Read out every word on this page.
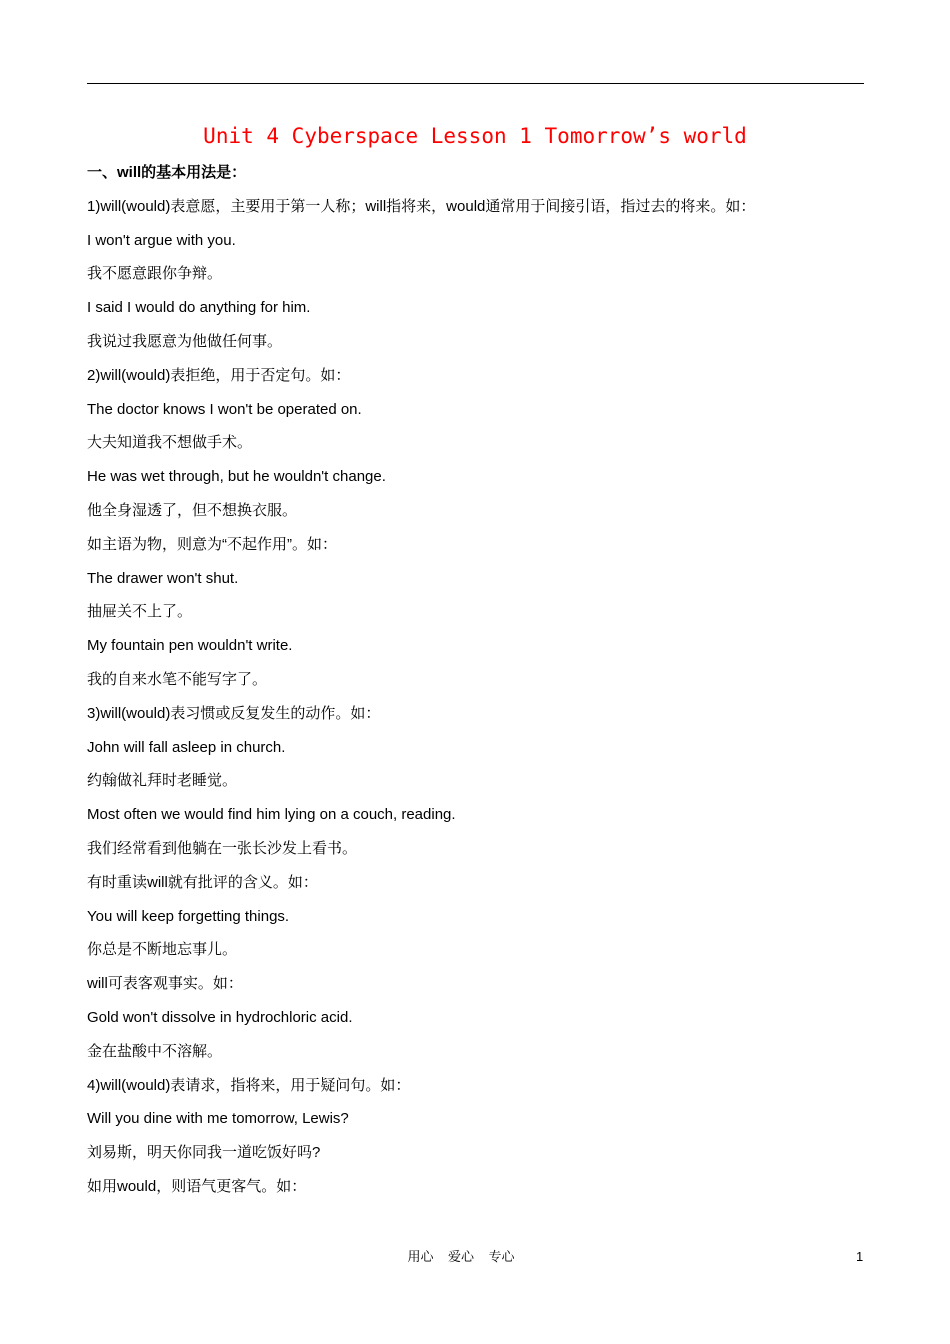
Unit 4 Cyberspace Lesson 1 Tomorrow’s world
一、will的基本用法是：
1)will(would)表意愿，主要用于第一人称；will指将来，would通常用于间接引语，指过去的将来。如：
I won't argue with you.
我不愿意跟你争辩。
I said I would do anything for him.
我说过我愿意为他做任何事。
2)will(would)表拒绝，用于否定句。如：
The doctor knows I won't be operated on.
大夫知道我不想做手术。
He was wet through, but he wouldn't change.
他全身湿透了，但不想换衣服。
如主语为物，则意为“不起作用”。如：
The drawer won't shut.
抽屉关不上了。
My fountain pen wouldn't write.
我的自来水笔不能写字了。
3)will(would)表习惯或反复发生的动作。如：
John will fall asleep in church.
约翰做礼拜时老睡觉。
Most often we would find him lying on a couch, reading.
我们经常看到他躺在一张长沙发上看书。
有时重读will就有批评的含义。如：
You will keep forgetting things.
你总是不断地忘事儿。
will可表客观事实。如：
Gold won't dissolve in hydrochloric acid.
金在盐酸中不溶解。
4)will(would)表请求，指将来，用于疑问句。如：
Will you dine with me tomorrow, Lewis?
刘易斯，明天你同我一道吃饭好吗?
如用would，则语气更客气。如：
用心    爱心    专心	1
